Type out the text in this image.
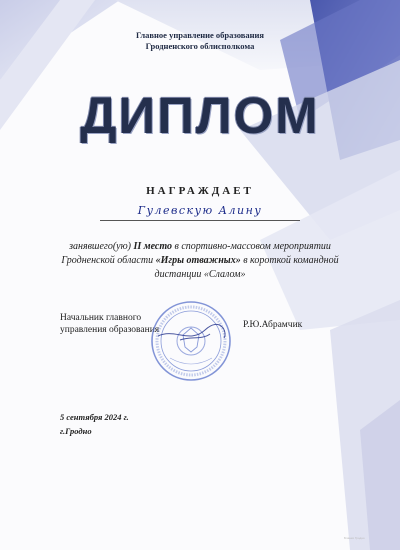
Главное управление образования
Гродненского облисполкома
ДИПЛОМ
НАГРАЖДАЕТ
Гулевскую Алину
занявшего(ую) II место в спортивно-массовом мероприятии Гродненской области «Игры отважных» в короткой командной дистанции «Слалом»
Начальник главного
управления образования	Р.Ю.Абрамчик
5 сентября 2024 г.
г.Гродно
Бланки Гродно
